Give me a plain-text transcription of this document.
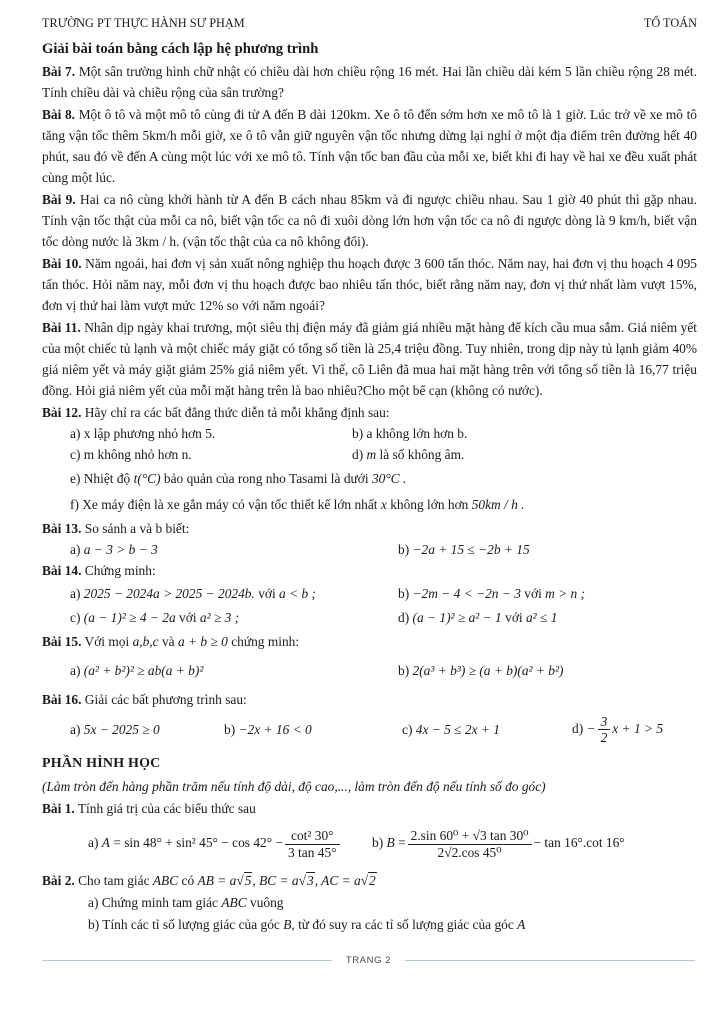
TRƯỜNG PT THỰC HÀNH SƯ PHẠM	TỔ TOÁN
Giải bài toán bằng cách lập hệ phương trình

Bài 7. Một sân trường hình chữ nhật có chiều dài hơn chiều rộng 16 mét. Hai lần chiều dài kém 5 lần chiều rộng 28 mét. Tính chiều dài và chiều rộng của sân trường?

Bài 8. Một ô tô và một mô tô cùng đi từ A đến B dài 120km. Xe ô tô đến sớm hơn xe mô tô là 1 giờ. Lúc trở về xe mô tô tăng vận tốc thêm 5km/h mỗi giờ, xe ô tô vẫn giữ nguyên vận tốc nhưng dừng lại nghỉ ở một địa điểm trên đường hết 40 phút, sau đó về đến A cùng một lúc với xe mô tô. Tính vận tốc ban đầu của mỗi xe, biết khi đi hay về hai xe đều xuất phát cùng một lúc.

Bài 9. Hai ca nô cùng khởi hành từ A đến B cách nhau 85km và đi ngược chiều nhau. Sau 1 giờ 40 phút thì gặp nhau. Tính vận tốc thật của mỗi ca nô, biết vận tốc ca nô đi xuôi dòng lớn hơn vận tốc ca nô đi ngược dòng là 9 km/h, biết vận tốc dòng nước là 3km / h. (vận tốc thật của ca nô không đổi).

Bài 10. Năm ngoái, hai đơn vị sản xuất nông nghiệp thu hoạch được 3 600 tấn thóc. Năm nay, hai đơn vị thu hoạch 4 095 tấn thóc. Hỏi năm nay, mỗi đơn vị thu hoạch được bao nhiêu tấn thóc, biết rằng năm nay, đơn vị thứ nhất làm vượt 15%, đơn vị thứ hai làm vượt mức 12% so với năm ngoái?

Bài 11. Nhân dịp ngày khai trương, một siêu thị điện máy đã giảm giá nhiều mặt hàng để kích cầu mua sắm. Giá niêm yết của một chiếc tủ lạnh và một chiếc máy giặt có tổng số tiền là 25,4 triệu đồng. Tuy nhiên, trong dịp này tủ lạnh giảm 40% giá niêm yết và máy giặt giảm 25% giá niêm yết. Vì thế, cô Liên đã mua hai mặt hàng trên với tổng số tiền là 16,77 triệu đồng. Hỏi giá niêm yết của mỗi mặt hàng trên là bao nhiêu?Cho một bể cạn (không có nước).

Bài 12. Hãy chỉ ra các bất đẳng thức diễn tả mỗi khẳng định sau:

a) x lập phương nhỏ hơn 5.	b) a không lớn hơn b.
c) m không nhỏ hơn n.	d) m là số không âm.
e) Nhiệt độ t(°C) bảo quản của rong nho Tasami là dưới 30°C .
f) Xe máy điện là xe gắn máy có vận tốc thiết kế lớn nhất x không lớn hơn 50km / h .

Bài 13. So sánh a và b biết:

a) a − 3 > b − 3	b) −2a + 15 ≤ −2b + 15

Bài 14. Chứng minh:

a) 2025 − 2024a > 2025 − 2024b. với a < b ;	b) −2m − 4 < −2n − 3 với m > n ;
c) (a − 1)² ≥ 4 − 2a với a² ≥ 3 ;	d) (a − 1)² ≥ a² − 1 với a² ≤ 1

Bài 15. Với mọi a,b,c và a + b ≥ 0 chứng minh:

a) (a² + b²)² ≥ ab(a + b)²	b) 2(a³ + b³) ≥ (a + b)(a² + b²)

Bài 16. Giải các bất phương trình sau:

a) 5x − 2025 ≥ 0	b) −2x + 16 < 0	c) 4x − 5 ≤ 2x + 1	$d) - \frac{3}{2}$ x + 1 > 5
PHẦN HÌNH HỌC
(Làm tròn đến hàng phần trăm nếu tính độ dài, độ cao,..., làm tròn đến độ nếu tính số đo góc)

Bài 1. Tính giá trị của các biểu thức sau

a) A = sin 48° + sin² $45^\circ - \cos 42^\circ - \frac{\text{cot² 30°}}{3 \tan 45^\circ} b$) $B = \frac{\text{2.sin 60⁰ + √3 tan 30⁰}}{\text{2√2.cos 45⁰}} - \tan 16^\circ.\cot$ 16°

Bài 2. Cho tam giác ABC có AB = a√5, BC = a√3, AC = a√2

a) Chứng minh tam giác ABC vuông
b) Tính các tỉ số lượng giác của góc B, từ đó suy ra các tỉ số lượng giác của góc A
TRANG 2
